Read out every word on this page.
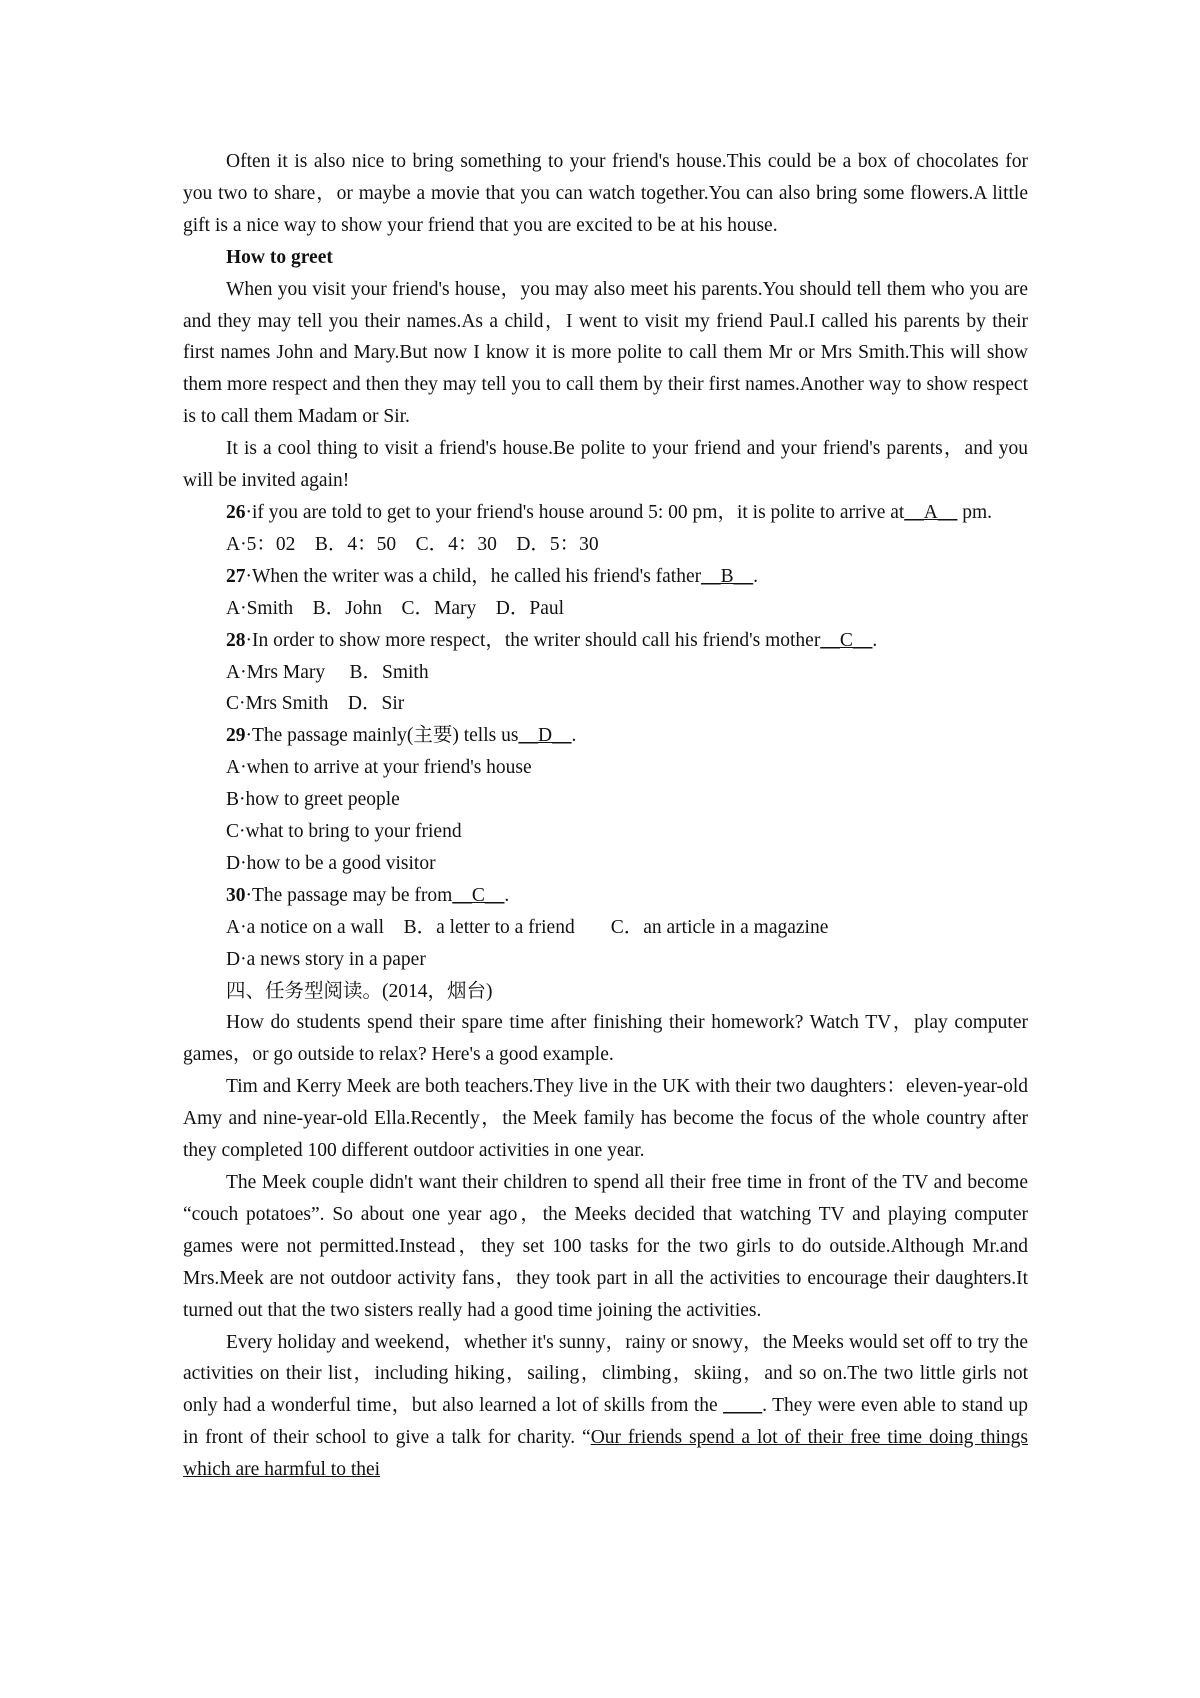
Often it is also nice to bring something to your friend's house.This could be a box of chocolates for you two to share，or maybe a movie that you can watch together.You can also bring some flowers.A little gift is a nice way to show your friend that you are excited to be at his house.

How to greet

When you visit your friend's house，you may also meet his parents.You should tell them who you are and they may tell you their names.As a child，I went to visit my friend Paul.I called his parents by their first names John and Mary.But now I know it is more polite to call them Mr or Mrs Smith.This will show them more respect and then they may tell you to call them by their first names.Another way to show respect is to call them Madam or Sir.

It is a cool thing to visit a friend's house.Be polite to your friend and your friend's parents，and you will be invited again!

26·if you are told to get to your friend's house around 5: 00 pm，it is polite to arrive at__A__ pm.

A·5：02　B．4：50　C．4：30　D．5：30

27·When the writer was a child，he called his friend's father__B__.

A·Smith　B．John　C．Mary　D．Paul

28·In order to show more respect，the writer should call his friend's mother__C__.

A·Mrs Mary　 B．Smith

C·Mrs Smith　D．Sir

29·The passage mainly(主要) tells us__D__.

A·when to arrive at your friend's house

B·how to greet people

C·what to bring to your friend

D·how to be a good visitor

30·The passage may be from__C__.

A·a notice on a wall　B．a letter to a friend C．an article in a magazine

D·a news story in a paper

四、任务型阅读。(2014，烟台)

How do students spend their spare time after finishing their homework? Watch TV，play computer games，or go outside to relax? Here's a good example.

Tim and Kerry Meek are both teachers.They live in the UK with their two daughters：eleven-year-old Amy and nine-year-old Ella.Recently，the Meek family has become the focus of the whole country after they completed 100 different outdoor activities in one year.

The Meek couple didn't want their children to spend all their free time in front of the TV and become “couch potatoes”. So about one year ago，the Meeks decided that watching TV and playing computer games were not permitted.Instead，they set 100 tasks for the two girls to do outside.Although Mr.and Mrs.Meek are not outdoor activity fans，they took part in all the activities to encourage their daughters.It turned out that the two sisters really had a good time joining the activities.

Every holiday and weekend，whether it's sunny，rainy or snowy，the Meeks would set off to try the activities on their list，including hiking，sailing，climbing，skiing，and so on.The two little girls not only had a wonderful time，but also learned a lot of skills from the ____. They were even able to stand up in front of their school to give a talk for charity. “Our friends spend a lot of their free time doing things which are harmful to thei
